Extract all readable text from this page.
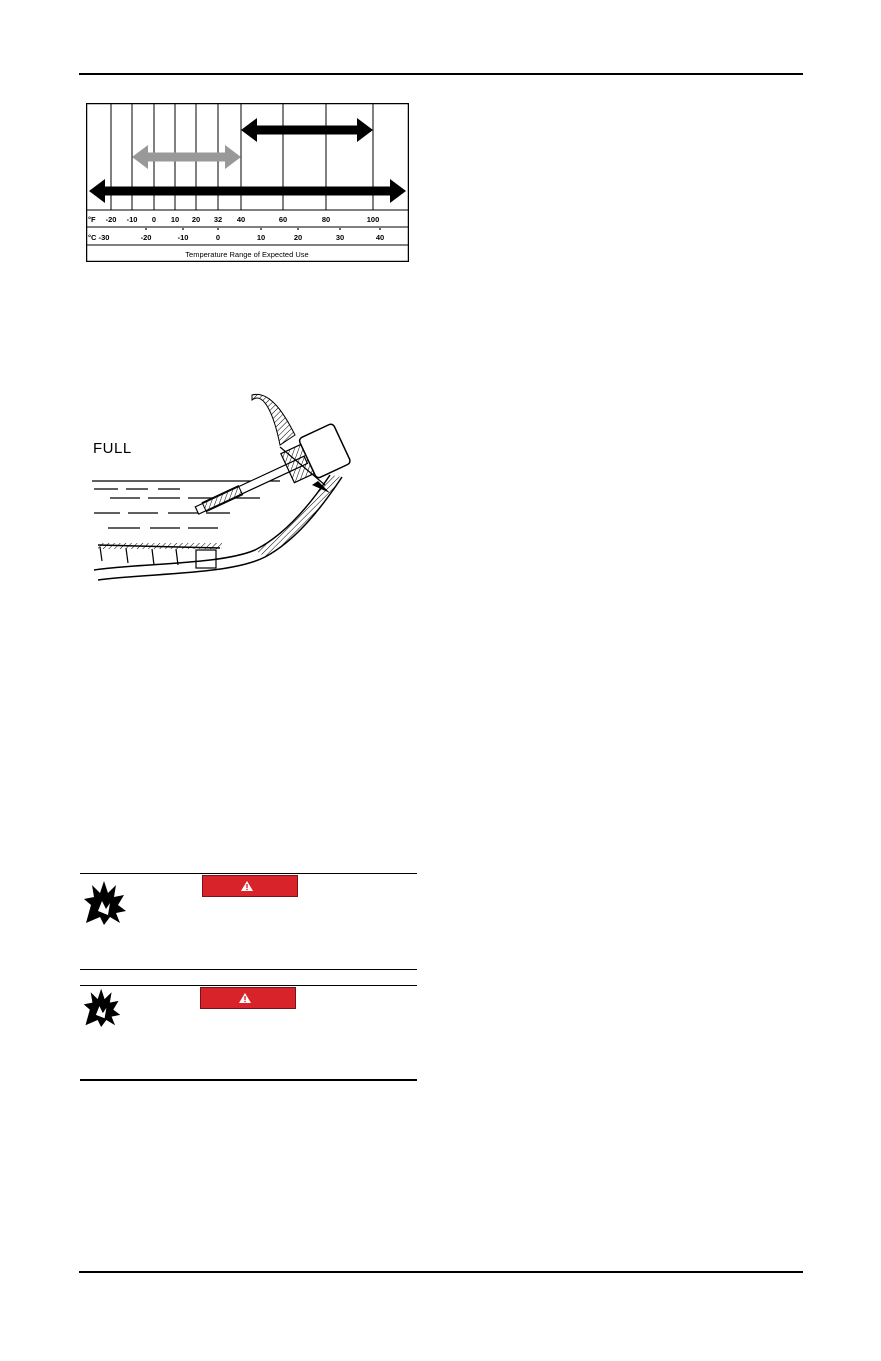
°F
°C
-20 -10 0 10 20 32 40	60	80	100
-30	-20	-10	0	10	20	30	40
Temperature Range of Expected Use
FULL
